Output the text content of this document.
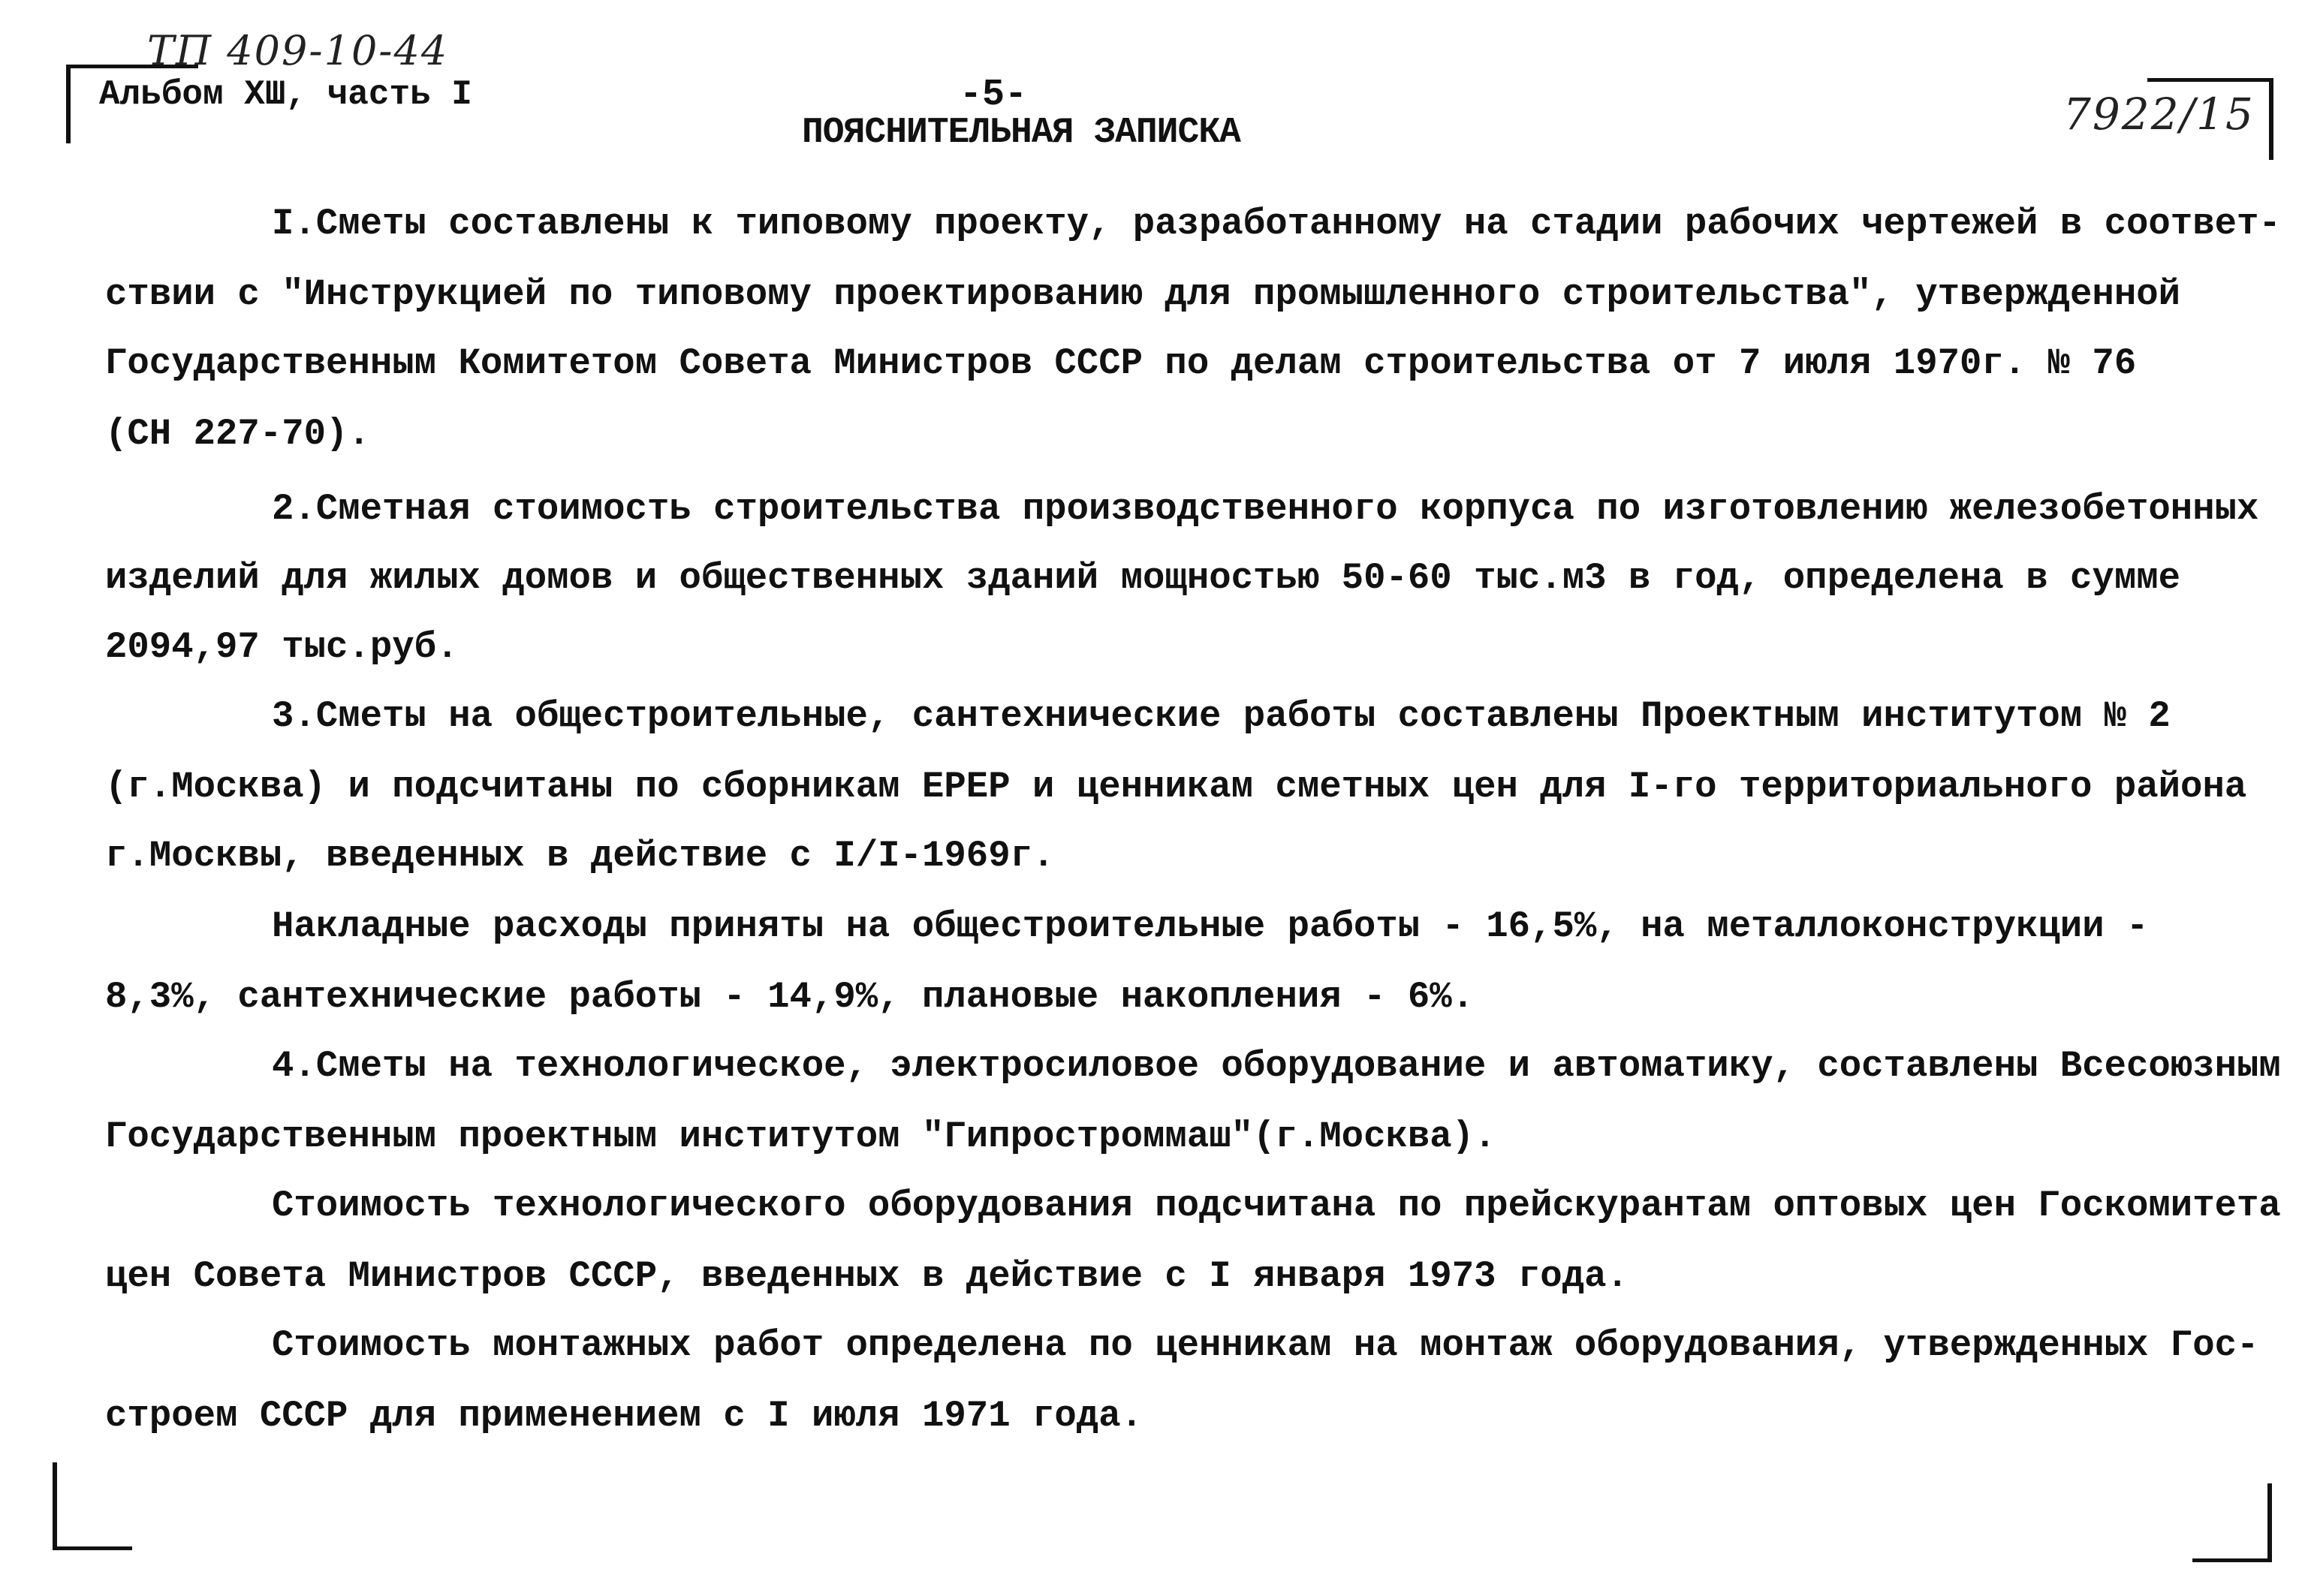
ТП 409-10-44
Альбом ХШ, часть I	-5-
ПОЯСНИТЕЛЬНАЯ ЗАПИСКА	7922/15
I.Сметы составлены к типовому проекту, разработанному на стадии рабочих чертежей в соответ-
ствии с "Инструкцией по типовому проектированию для промышленного строительства", утвержденной
Государственным Комитетом Совета Министров СССР по делам строительства от 7 июля 1970г. № 76
(СН 227-70).
2.Сметная стоимость строительства производственного корпуса по изготовлению железобетонных
изделий для жилых домов и общественных зданий мощностью 50-60 тыс.м3 в год, определена в сумме
2094,97 тыс.руб.
3.Сметы на общестроительные, сантехнические работы составлены Проектным институтом № 2
(г.Москва) и подсчитаны по сборникам ЕРЕР и ценникам сметных цен для I-го территориального района
г.Москвы, введенных в действие с I/I-1969г.
Накладные расходы приняты на общестроительные работы - 16,5%, на металлоконструкции -
8,3%, сантехнические работы - 14,9%, плановые накопления - 6%.
4.Сметы на технологическое, электросиловое оборудование и автоматику, составлены Всесоюзным
Государственным проектным институтом "Гипростроммаш"(г.Москва).
Стоимость технологического оборудования подсчитана по прейскурантам оптовых цен Госкомитета
цен Совета Министров СССР, введенных в действие с I января 1973 года.
Стоимость монтажных работ определена по ценникам на монтаж оборудования, утвержденных Гос-
строем СССР для применением с I июля 1971 года.
